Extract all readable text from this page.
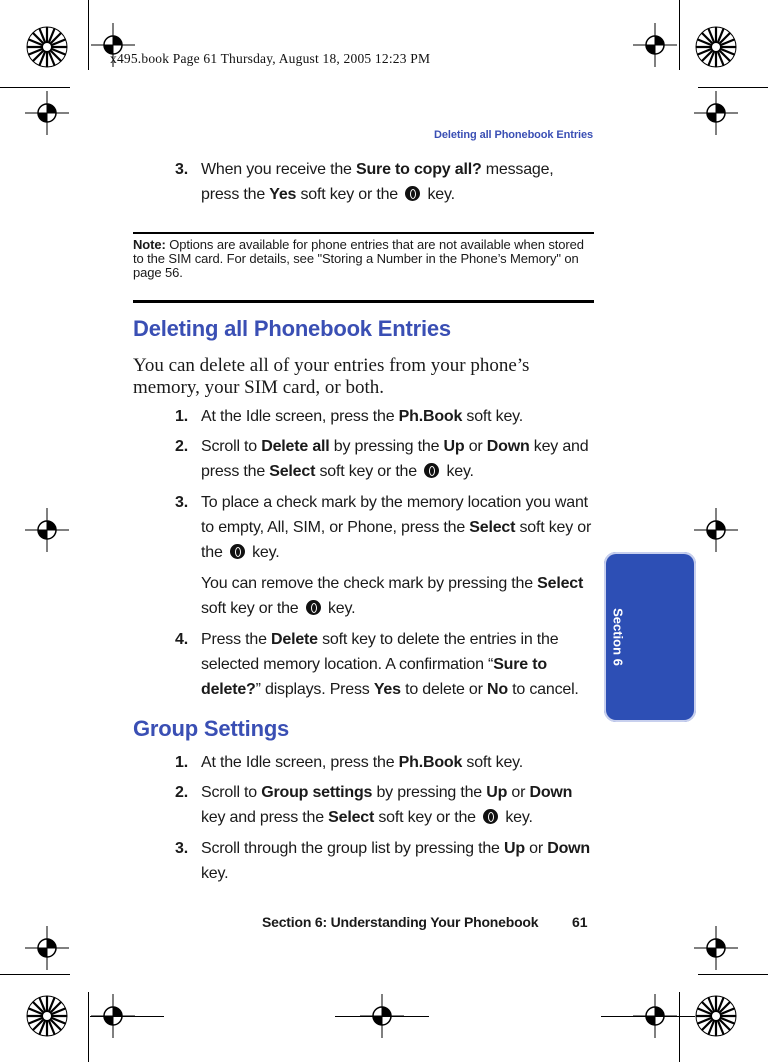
x495.book Page 61 Thursday, August 18, 2005 12:23 PM
Deleting all Phonebook Entries
3. When you receive the Sure to copy all? message, press the Yes soft key or the  key.
Note: Options are available for phone entries that are not available when stored to the SIM card. For details, see "Storing a Number in the Phone’s Memory" on page 56.
Deleting all Phonebook Entries
You can delete all of your entries from your phone’s memory, your SIM card, or both.
1. At the Idle screen, press the Ph.Book soft key.
2. Scroll to Delete all by pressing the Up or Down key and press the Select soft key or the  key.
3. To place a check mark by the memory location you want to empty, All, SIM, or Phone, press the Select soft key or the  key.
You can remove the check mark by pressing the Select soft key or the  key.
4. Press the Delete soft key to delete the entries in the selected memory location. A confirmation “Sure to delete?” displays. Press Yes to delete or No to cancel.
Group Settings
1. At the Idle screen, press the Ph.Book soft key.
2. Scroll to Group settings by pressing the Up or Down key and press the Select soft key or the  key.
3. Scroll through the group list by pressing the Up or Down key.
Section 6
Section 6: Understanding Your Phonebook 61
